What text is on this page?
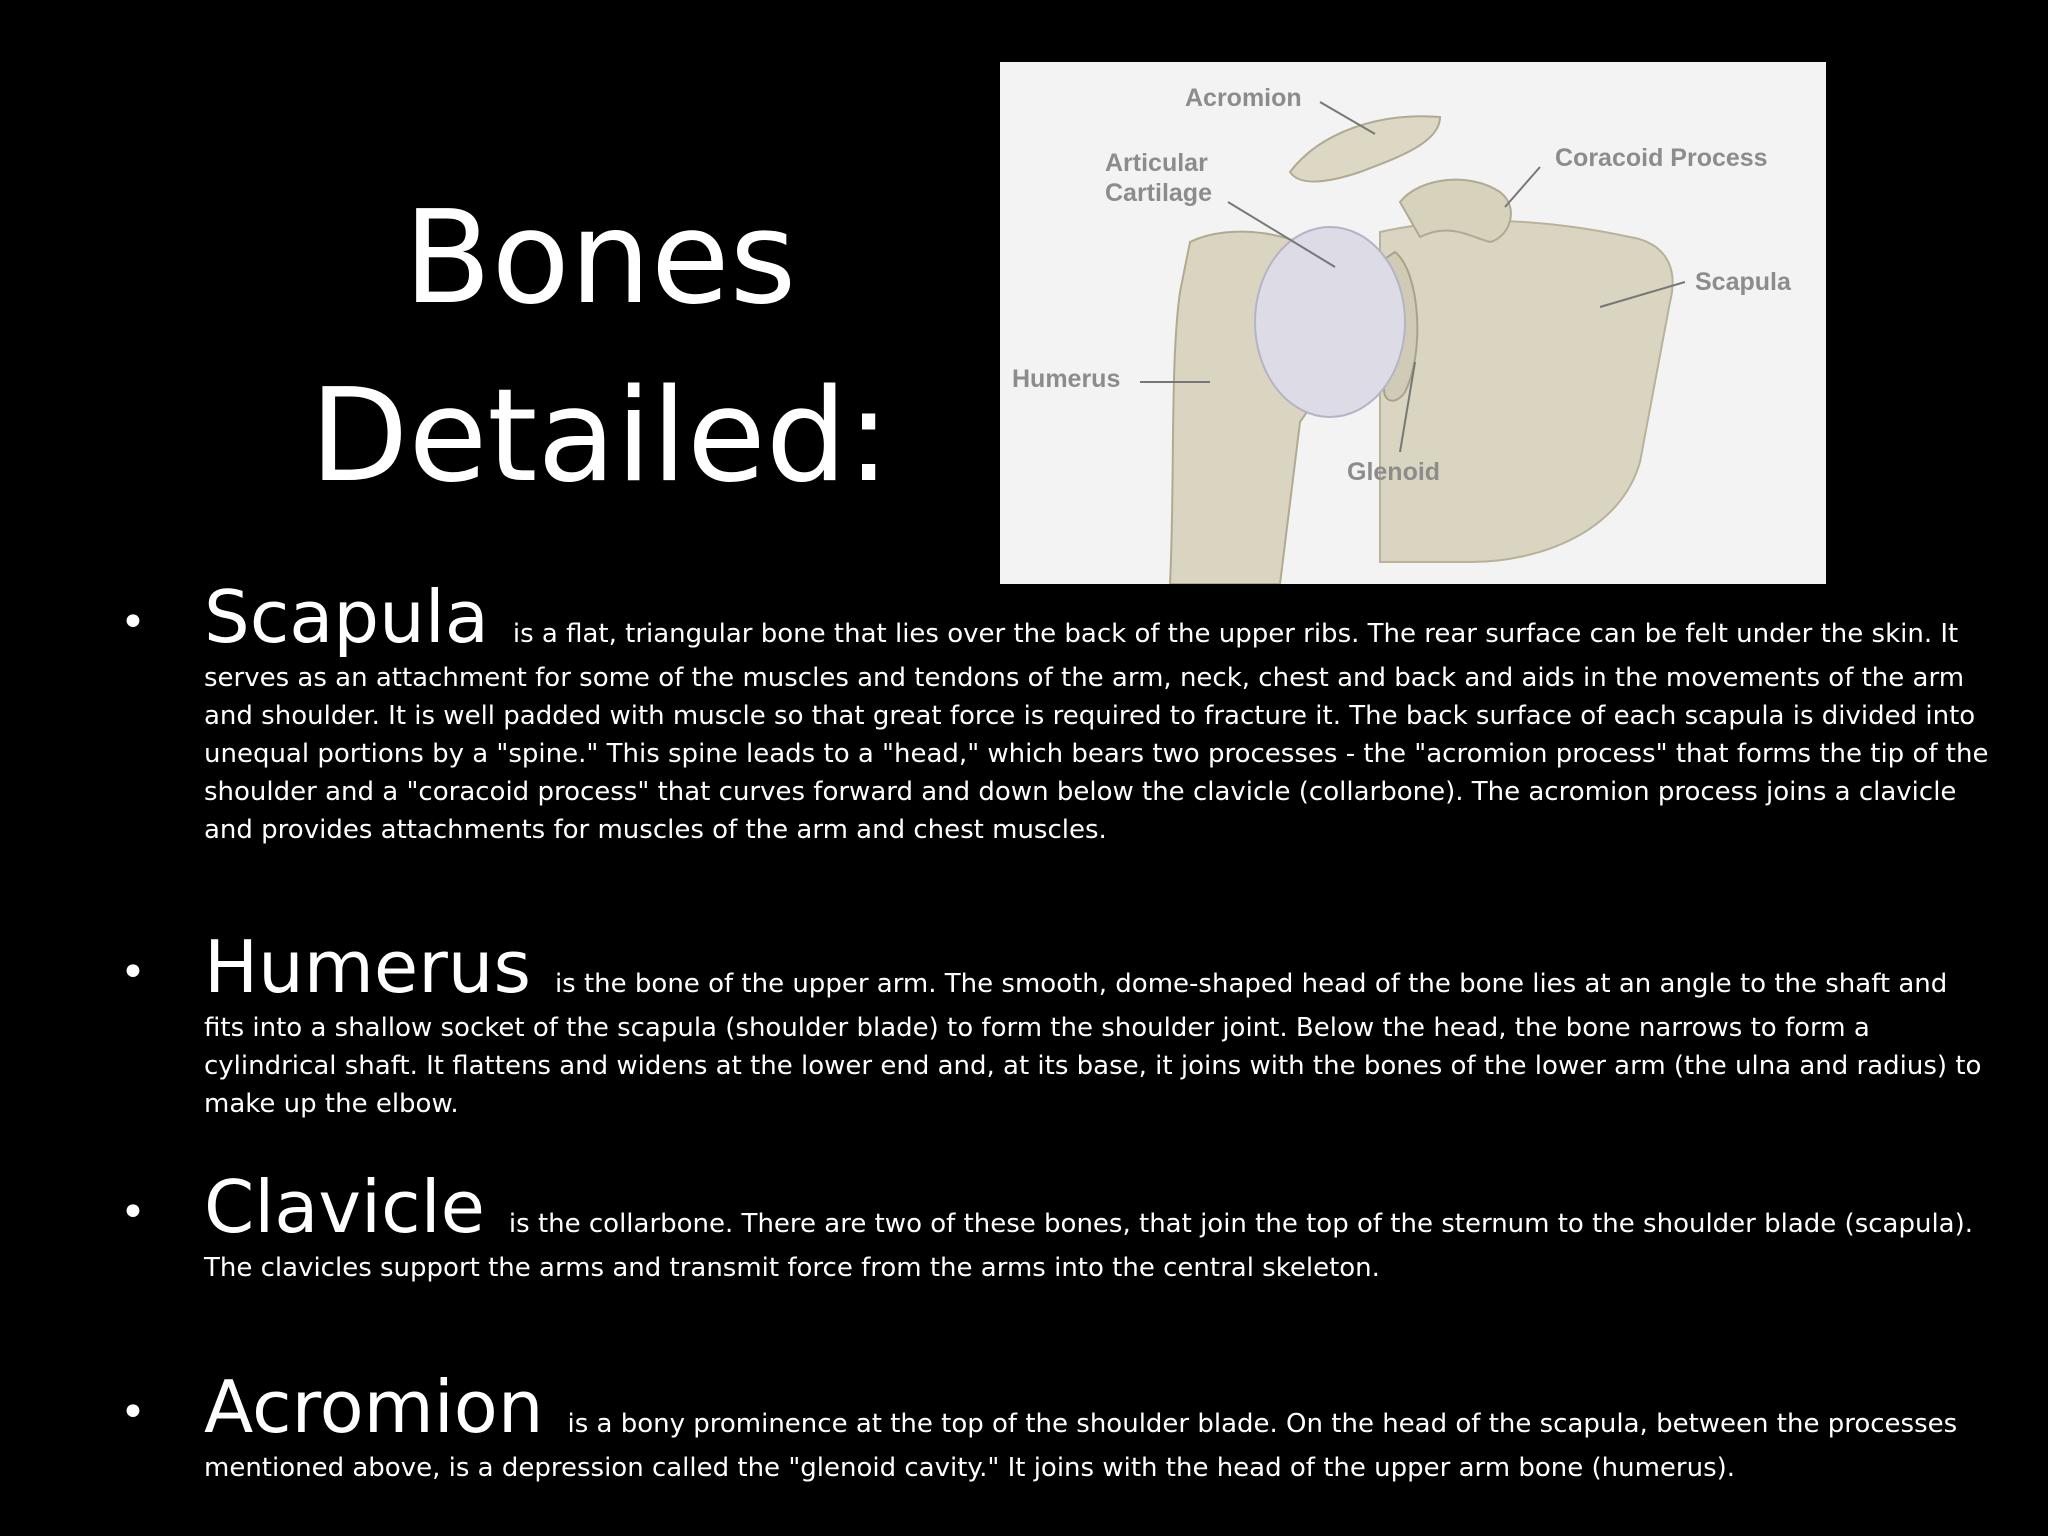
Bones
Detailed:
Acromion
Articular
Cartilage
Coracoid Process
Scapula
Humerus
Glenoid
• Scapula is a flat, triangular bone that lies over the back of the upper ribs. The rear surface can be felt under the skin. It serves as an attachment for some of the muscles and tendons of the arm, neck, chest and back and aids in the movements of the arm and shoulder. It is well padded with muscle so that great force is required to fracture it. The back surface of each scapula is divided into unequal portions by a "spine." This spine leads to a "head," which bears two processes - the "acromion process" that forms the tip of the shoulder and a "coracoid process" that curves forward and down below the clavicle (collarbone). The acromion process joins a clavicle and provides attachments for muscles of the arm and chest muscles.
• Humerus is the bone of the upper arm. The smooth, dome-shaped head of the bone lies at an angle to the shaft and fits into a shallow socket of the scapula (shoulder blade) to form the shoulder joint. Below the head, the bone narrows to form a cylindrical shaft. It flattens and widens at the lower end and, at its base, it joins with the bones of the lower arm (the ulna and radius) to make up the elbow.
• Clavicle is the collarbone. There are two of these bones, that join the top of the sternum to the shoulder blade (scapula). The clavicles support the arms and transmit force from the arms into the central skeleton.
• Acromion is a bony prominence at the top of the shoulder blade. On the head of the scapula, between the processes mentioned above, is a depression called the "glenoid cavity." It joins with the head of the upper arm bone (humerus).
